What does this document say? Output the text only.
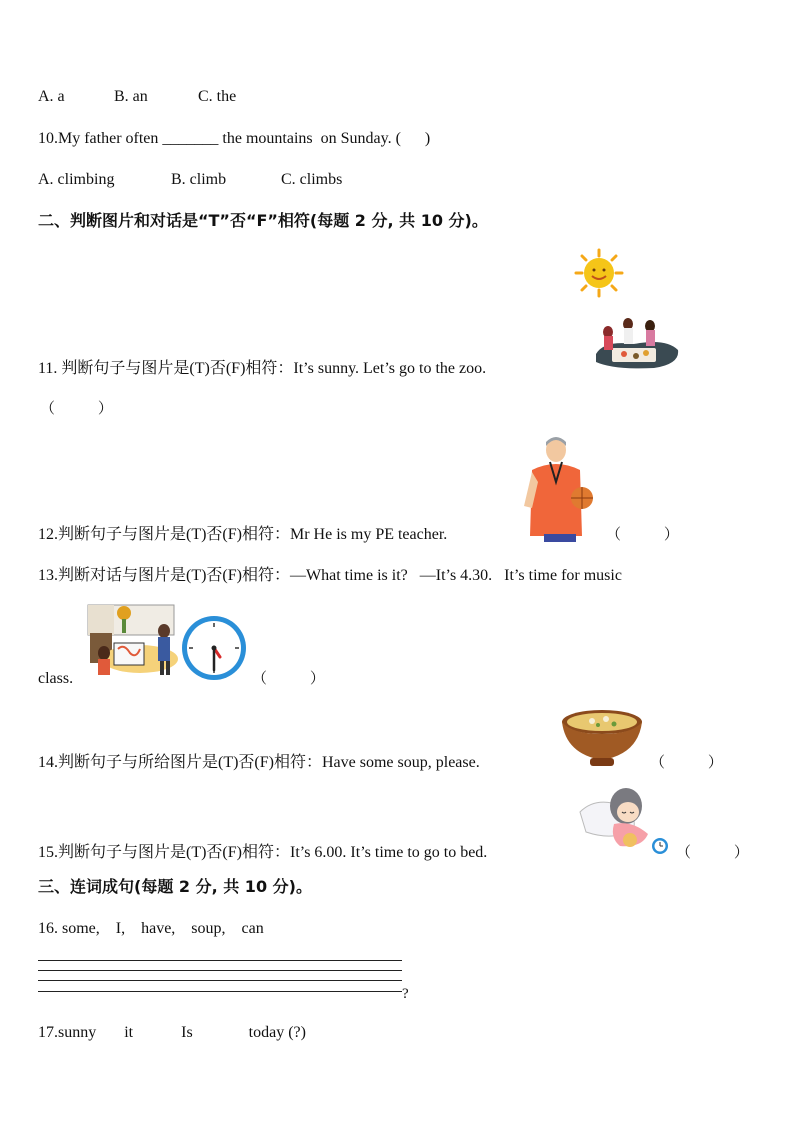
A. a	B. an	C. the
10.My father often _______ the mountains  on Sunday. (      )
A. climbing	B. climb	C. climbs
二、判断图片和对话是“T”否“F”相符(每题 2 分, 共 10 分)。
11. 判断句子与图片是(T)否(F)相符：It’s sunny. Let’s go to the zoo.
（         ）
12.判断句子与图片是(T)否(F)相符：Mr He is my PE teacher.	（         ）
13.判断对话与图片是(T)否(F)相符：—What time is it?   —It’s 4.30.   It’s time for music
class.	（         ）
14.判断句子与所给图片是(T)否(F)相符：Have some soup, please.	（         ）
15.判断句子与图片是(T)否(F)相符：It’s 6.00. It’s time to go to bed.	（         ）
三、连词成句(每题 2 分, 共 10 分)。
16. some,    I,    have,    soup,    can
?
17.sunny       it            Is              today (?)
